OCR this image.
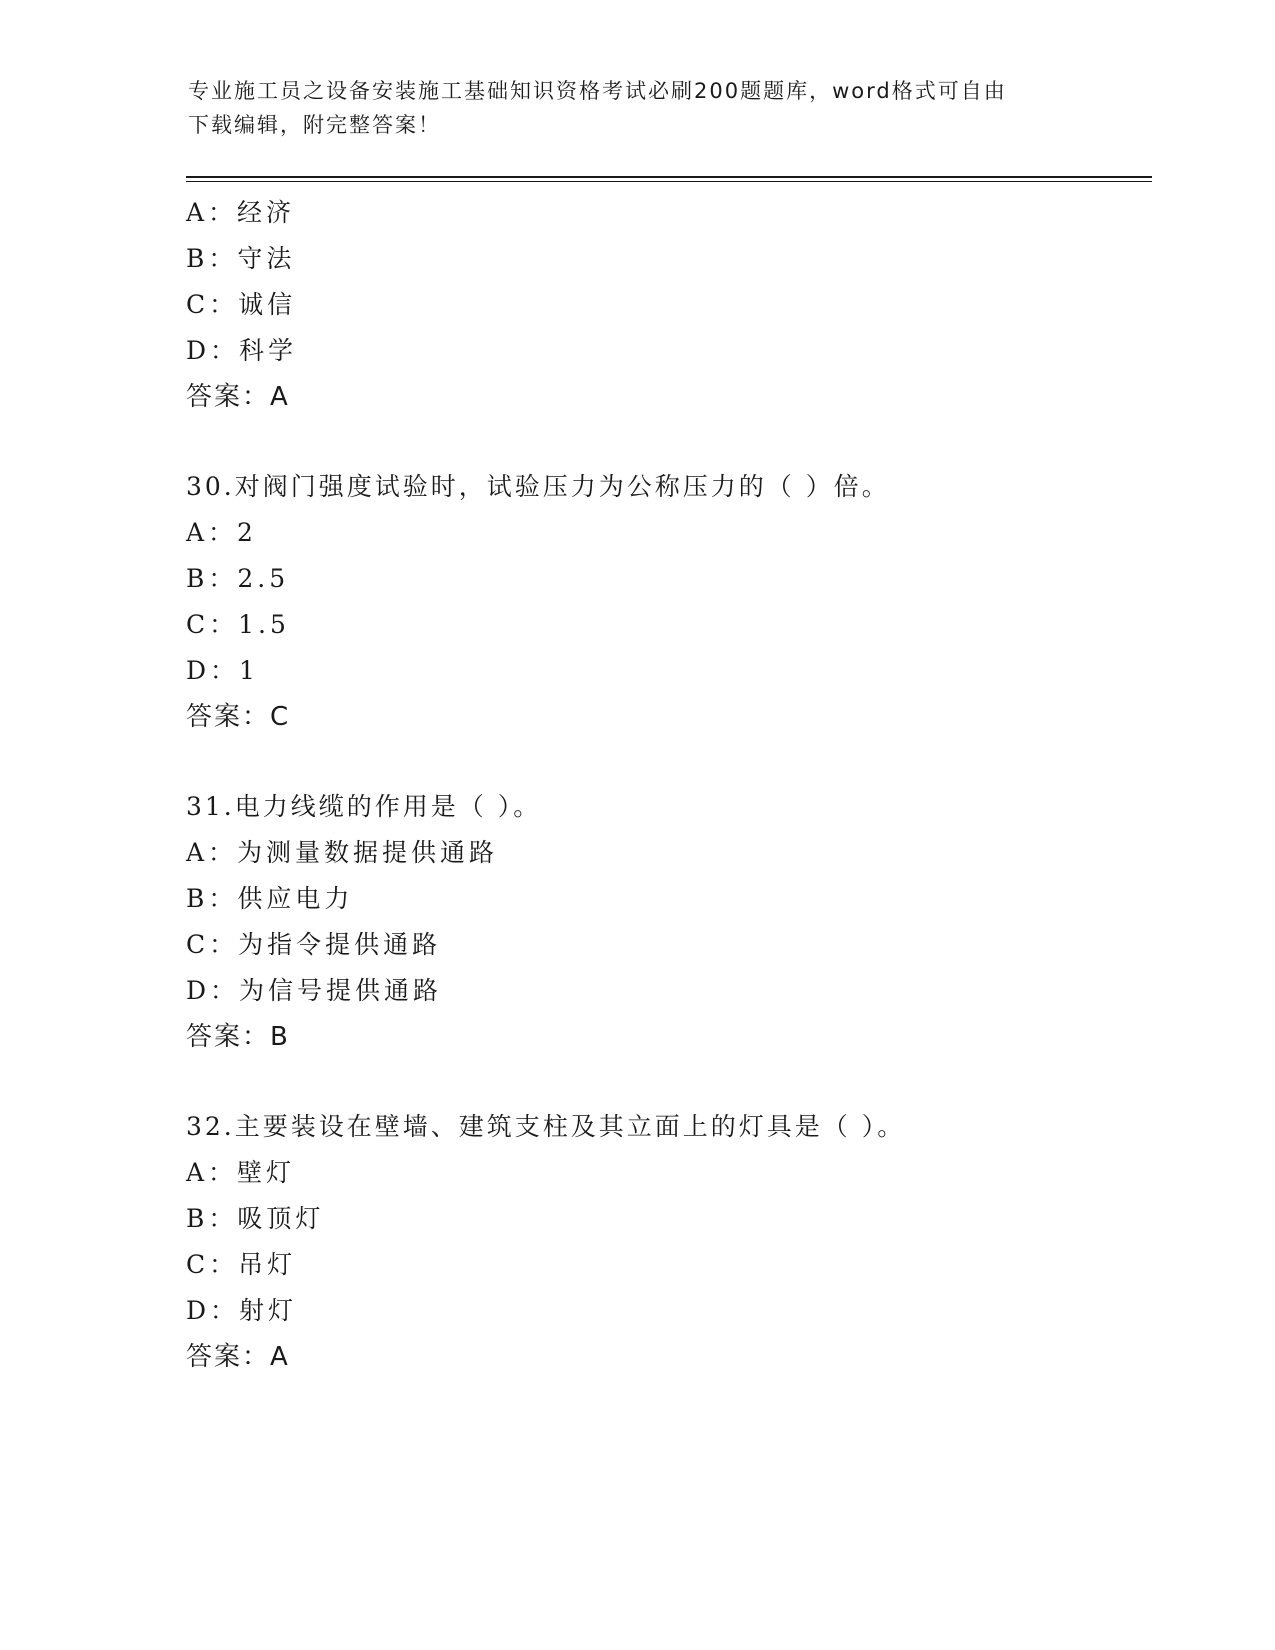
专业施工员之设备安装施工基础知识资格考试必刷200题题库，word格式可自由
下载编辑，附完整答案！
A：经济
B：守法
C：诚信
D：科学
答案：A
30.对阀门强度试验时，试验压力为公称压力的（ ）倍。
A：2
B：2.5
C：1.5
D：1
答案：C
31.电力线缆的作用是（ ）。
A：为测量数据提供通路
B：供应电力
C：为指令提供通路
D：为信号提供通路
答案：B
32.主要装设在壁墙、建筑支柱及其立面上的灯具是（ ）。
A：壁灯
B：吸顶灯
C：吊灯
D：射灯
答案：A
